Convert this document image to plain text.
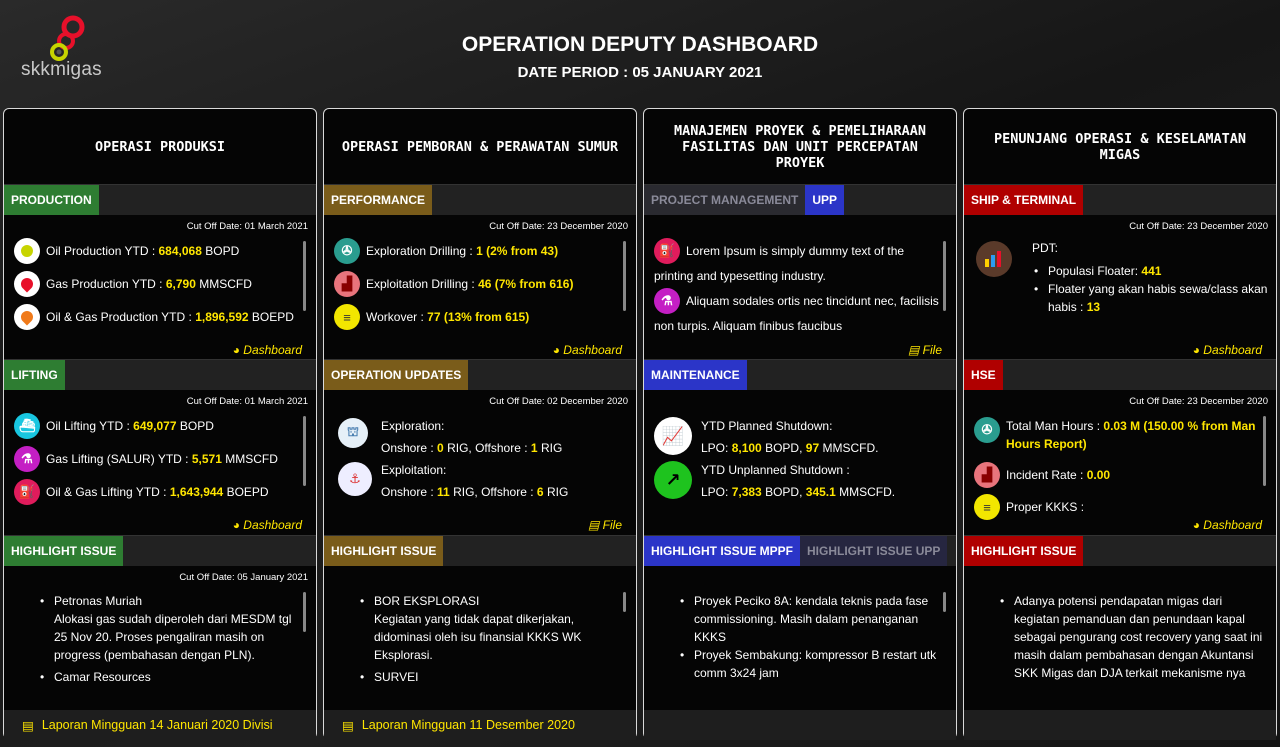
skkmigas
OPERATION DEPUTY DASHBOARD
DATE PERIOD : 05 JANUARY 2021
OPERASI PRODUKSI
PRODUCTION
Cut Off Date: 01 March 2021
Oil Production YTD :
684,068
BOPD
Gas Production YTD :
6,790
MMSCFD
Oil & Gas Production YTD :
1,896,592
BOEPD
◕ Dashboard
LIFTING
Cut Off Date: 01 March 2021
⛴ Oil Lifting YTD :
649,077
BOPD
⚗	Gas Lifting (SALUR) YTD :
5,571
MMSCFD
⛽ Oil & Gas Lifting YTD :
1,643,944
BOEPD
◕ Dashboard
HIGHLIGHT ISSUE
Cut Off Date: 05 January 2021
• Petronas Muriah
Alokasi gas sudah diperoleh dari MESDM tgl 25 Nov 20. Proses pengaliran masih on progress (pembahasan dengan PLN).
• Camar Resources
▤ Laporan Mingguan 14 Januari 2020 Divisi
OPERASI PEMBORAN & PERAWATAN SUMUR
PERFORMANCE
Cut Off Date: 23 December 2020
✇	Exploration Drilling :
1 (2% from 43)
▟	Exploitation Drilling :
46 (7% from 616)
≡	Workover :
77 (13% from 615)
◕ Dashboard
OPERATION UPDATES
Cut Off Date: 02 December 2020
⛫	Exploration:
Onshore : 0 RIG, Offshore : 1 RIG
⚓
Exploitation:
Onshore : 11 RIG, Offshore : 6 RIG
▤ File
HIGHLIGHT ISSUE
• BOR EKSPLORASI
Kegiatan yang tidak dapat dikerjakan, didominasi oleh isu finansial KKKS WK Eksplorasi.
• SURVEI
▤ Laporan Mingguan 11 Desember 2020
MANAJEMEN PROYEK & PEMELIHARAAN FASILITAS DAN UNIT PERCEPATAN PROYEK
PROJECT MANAGEMENT	UPP
⛽ Lorem Ipsum is simply dummy text of the
printing and typesetting industry.
⚗	Aliquam sodales ortis nec tincidunt nec, facilisis
non turpis. Aliquam finibus faucibus
▤ File
MAINTENANCE
📈	YTD Planned Shutdown:
LPO: 8,100 BOPD, 97 MMSCFD.
↗	YTD Unplanned Shutdown :
LPO: 7,383 BOPD, 345.1 MMSCFD.
HIGHLIGHT ISSUE MPPF	HIGHLIGHT ISSUE UPP
• Proyek Peciko 8A: kendala teknis pada fase commissioning. Masih dalam penanganan KKKS
• Proyek Sembakung: kompressor B restart utk comm 3x24 jam
PENUNJANG OPERASI & KESELAMATAN MIGAS
SHIP & TERMINAL
Cut Off Date: 23 December 2020
PDT:
• Populasi Floater: 441
• Floater yang akan habis sewa/class akan habis : 13
◕ Dashboard
HSE
Cut Off Date: 23 December 2020
✇	Total Man Hours : 0.03 M (150.00 % from Man Hours Report)
▟	Incident Rate :
0.00
≡	Proper KKKS :
◕ Dashboard
HIGHLIGHT ISSUE
• Adanya potensi pendapatan migas dari kegiatan pemanduan dan penundaan kapal sebagai pengurang cost recovery yang saat ini masih dalam pembahasan dengan Akuntansi SKK Migas dan DJA terkait mekanisme nya
